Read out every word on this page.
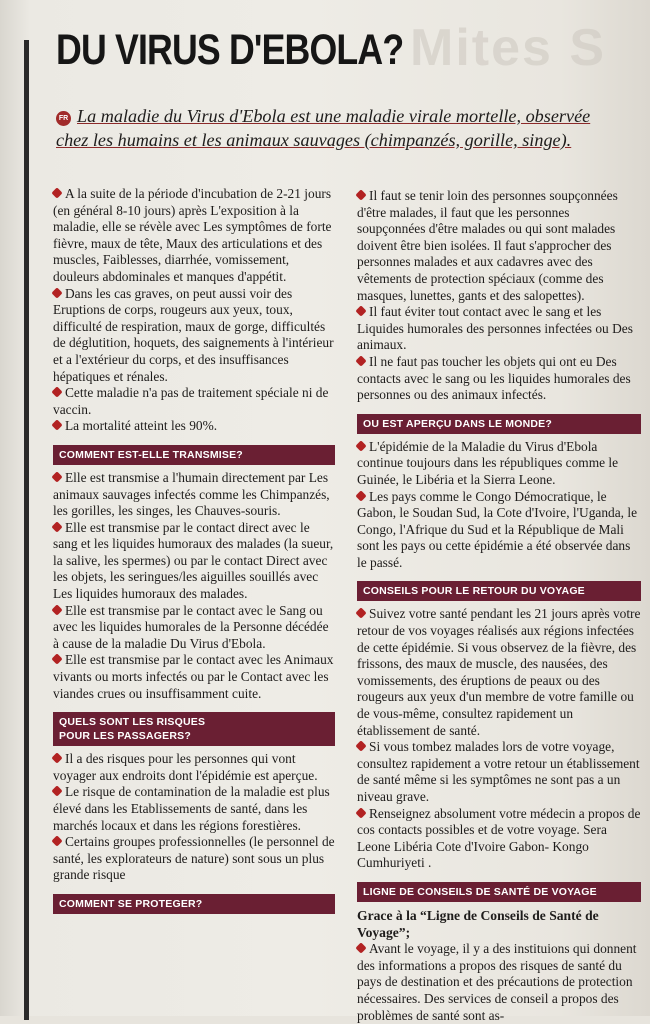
Mites S
DU VIRUS D'EBOLA?

FR La maladie du Virus d'Ebola est une maladie virale mortelle, observée

chez les humains et les animaux sauvages (chimpanzés, gorille, singe).

A la suite de la période d'incubation de 2-21 jours (en général 8-10 jours) après L'exposition à la maladie, elle se révèle avec Les symptômes de forte fièvre, maux de tête, Maux des articulations et des muscles, Faiblesses, diarrhée, vomissement, douleurs abdominales et manques d'appétit.

Dans les cas graves, on peut aussi voir des Eruptions de corps, rougeurs aux yeux, toux, difficulté de respiration, maux de gorge, difficultés de déglutition, hoquets, des saignements à l'intérieur et a l'extérieur du corps, et des insuffisances hépatiques et rénales.

Cette maladie n'a pas de traitement spéciale ni de vaccin.

La mortalité atteint les 90%.

COMMENT EST-ELLE TRANSMISE?

Elle est transmise a l'humain directement par Les animaux sauvages infectés comme les Chimpanzés, les gorilles, les singes, les Chauves-souris.

Elle est transmise par le contact direct avec le sang et les liquides humoraux des malades (la sueur, la salive, les spermes) ou par le contact Direct avec les objets, les seringues/les aiguilles souillés avec Les liquides humoraux des malades.

Elle est transmise par le contact avec le Sang ou avec les liquides humorales de la Personne décédée à cause de la maladie Du Virus d'Ebola.

Elle est transmise par le contact avec les Animaux vivants ou morts infectés ou par le Contact avec les viandes crues ou insuffisamment cuite.

QUELS SONT LES RISQUES
POUR LES PASSAGERS?

Il a des risques pour les personnes qui vont voyager aux endroits dont l'épidémie est aperçue.

Le risque de contamination de la maladie est plus élevé dans les Etablissements de santé, dans les marchés locaux et dans les régions forestières.

Certains groupes professionnelles (le personnel de santé, les explorateurs de nature) sont sous un plus grande risque

COMMENT SE PROTEGER?

Il faut se tenir loin des personnes soupçonnées d'être malades, il faut que les personnes soupçonnées d'être malades ou qui sont malades doivent être bien isolées. Il faut s'approcher des personnes malades et aux cadavres avec des vêtements de protection spéciaux (comme des masques, lunettes, gants et des salopettes).

Il faut éviter tout contact avec le sang et les Liquides humorales des personnes infectées ou Des animaux.

Il ne faut pas toucher les objets qui ont eu Des contacts avec le sang ou les liquides humorales des personnes ou des animaux infectés.

OU EST APERÇU DANS LE MONDE?

L'épidémie de la Maladie du Virus d'Ebola continue toujours dans les républiques comme le Guinée, le Libéria et la Sierra Leone.

Les pays comme le Congo Démocratique, le Gabon, le Soudan Sud, la Cote d'Ivoire, l'Uganda, le Congo, l'Afrique du Sud et la République de Mali sont les pays ou cette épidémie a été observée dans le passé.

CONSEILS POUR LE RETOUR DU VOYAGE

Suivez votre santé pendant les 21 jours après votre retour de vos voyages réalisés aux régions infectées de cette épidémie. Si vous observez de la fièvre, des frissons, des maux de muscle, des nausées, des vomissements, des éruptions de peaux ou des rougeurs aux yeux d'un membre de votre famille ou de vous-même, consultez rapidement un établissement de santé.

Si vous tombez malades lors de votre voyage, consultez rapidement a votre retour un établissement de santé même si les symptômes ne sont pas a un niveau grave.

Renseignez absolument votre médecin a propos de cos contacts possibles et de votre voyage. Sera Leone Libéria Cote d'Ivoire Gabon- Kongo Cumhuriyeti .

LIGNE DE CONSEILS DE SANTÉ DE VOYAGE
Grace à la “Ligne de Conseils de Santé de Voyage”;

Avant le voyage, il y a des instituions qui donnent des informations a propos des risques de santé du pays de destination et des précautions de protection nécessaires. Des services de conseil a propos des problèmes de santé sont as-
